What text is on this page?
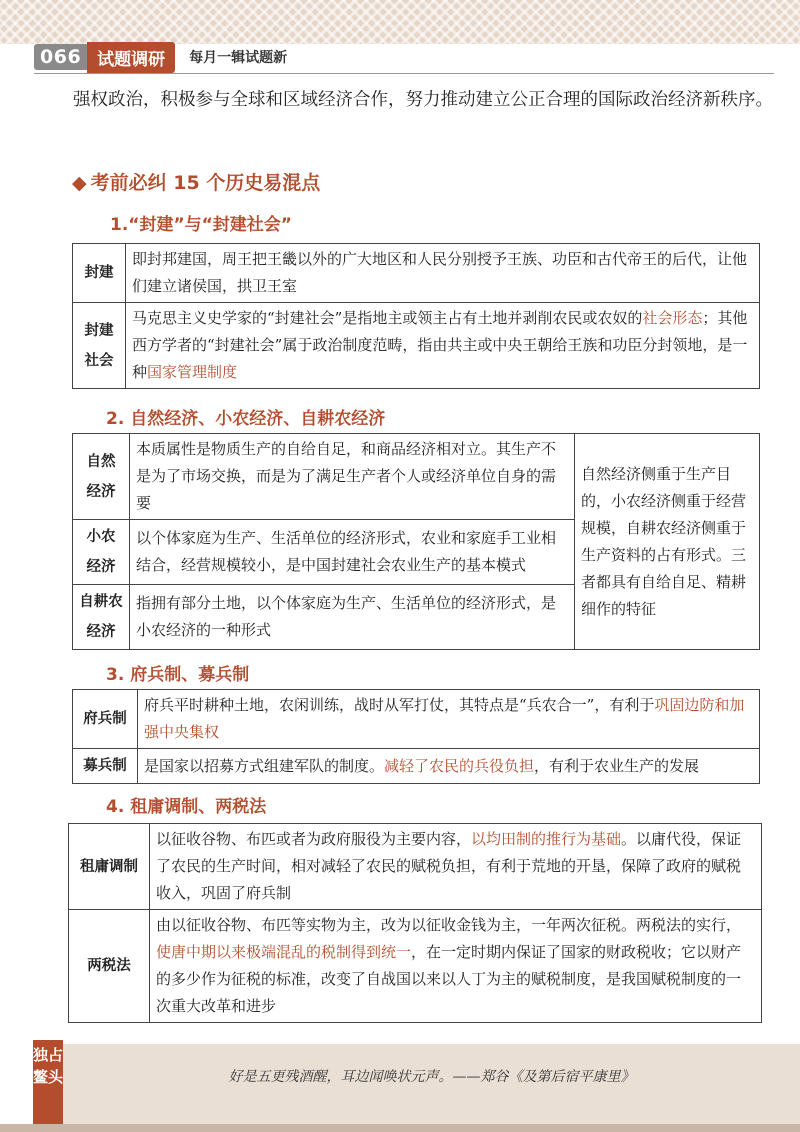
066 试题调研	每月一辑试题新
强权政治，积极参与全球和区域经济合作，努力推动建立公正合理的国际政治经济新秩序。
◆ 考前必纠 15 个历史易混点
1.“封建”与“封建社会”
封建	即封邦建国，周王把王畿以外的广大地区和人民分别授予王族、功臣和古代帝王的后代，让他们建立诸侯国，拱卫王室
封建社会	马克思主义史学家的“封建社会”是指地主或领主占有土地并剥削农民或农奴的社会形态；其他西方学者的“封建社会”属于政治制度范畴，指由共主或中央王朝给王族和功臣分封领地，是一种国家管理制度
2. 自然经济、小农经济、自耕农经济
自然经济	本质属性是物质生产的自给自足，和商品经济相对立。其生产不是为了市场交换，而是为了满足生产者个人或经济单位自身的需要	自然经济侧重于生产目的，小农经济侧重于经营规模，自耕农经济侧重于生产资料的占有形式。三者都具有自给自足、精耕细作的特征
小农经济	以个体家庭为生产、生活单位的经济形式，农业和家庭手工业相结合，经营规模较小，是中国封建社会农业生产的基本模式	
自耕农经济	指拥有部分土地，以个体家庭为生产、生活单位的经济形式，是小农经济的一种形式	
3. 府兵制、募兵制
府兵制	府兵平时耕种土地，农闲训练，战时从军打仗，其特点是“兵农合一”，有利于巩固边防和加强中央集权
募兵制	是国家以招募方式组建军队的制度。减轻了农民的兵役负担，有利于农业生产的发展
4. 租庸调制、两税法
租庸调制	以征收谷物、布匹或者为政府服役为主要内容，以均田制的推行为基础。以庸代役，保证了农民的生产时间，相对减轻了农民的赋税负担，有利于荒地的开垦，保障了政府的赋税收入，巩固了府兵制
两税法	由以征收谷物、布匹等实物为主，改为以征收金钱为主，一年两次征税。两税法的实行，使唐中期以来极端混乱的税制得到统一，在一定时期内保证了国家的财政税收；它以财产的多少作为征税的标准，改变了自战国以来以人丁为主的赋税制度，是我国赋税制度的一次重大改革和进步
独占鳌头	好是五更残酒醒，耳边闻唤状元声。——郑谷《及第后宿平康里》
